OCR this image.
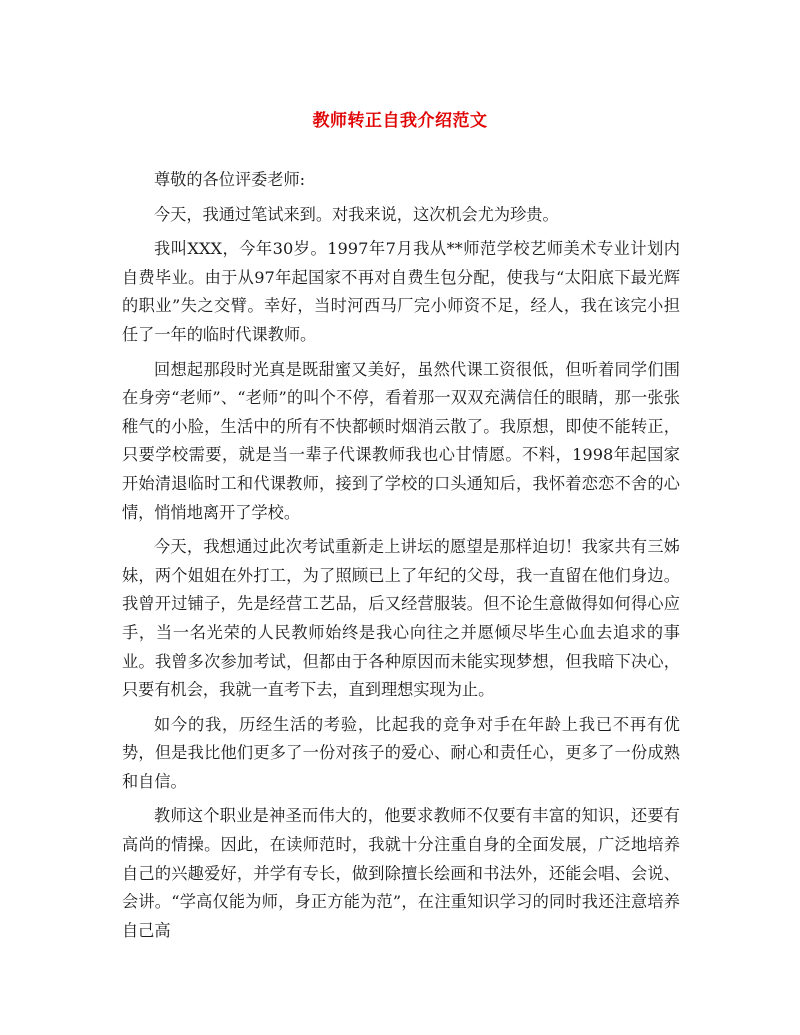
教师转正自我介绍范文

尊敬的各位评委老师:

今天，我通过笔试来到。对我来说，这次机会尤为珍贵。

我叫XXX，今年30岁。1997年7月我从**师范学校艺师美术专业计划内自费毕业。由于从97年起国家不再对自费生包分配，使我与“太阳底下最光辉的职业”失之交臂。幸好，当时河西马厂完小师资不足，经人，我在该完小担任了一年的临时代课教师。

回想起那段时光真是既甜蜜又美好，虽然代课工资很低，但听着同学们围在身旁“老师”、“老师”的叫个不停，看着那一双双充满信任的眼睛，那一张张稚气的小脸，生活中的所有不快都顿时烟消云散了。我原想，即使不能转正，只要学校需要，就是当一辈子代课教师我也心甘情愿。不料，1998年起国家开始清退临时工和代课教师，接到了学校的口头通知后，我怀着恋恋不舍的心情，悄悄地离开了学校。

今天，我想通过此次考试重新走上讲坛的愿望是那样迫切！我家共有三姊妹，两个姐姐在外打工，为了照顾已上了年纪的父母，我一直留在他们身边。我曾开过铺子，先是经营工艺品，后又经营服装。但不论生意做得如何得心应手，当一名光荣的人民教师始终是我心向往之并愿倾尽毕生心血去追求的事业。我曾多次参加考试，但都由于各种原因而未能实现梦想，但我暗下决心，只要有机会，我就一直考下去，直到理想实现为止。

如今的我，历经生活的考验，比起我的竞争对手在年龄上我已不再有优势，但是我比他们更多了一份对孩子的爱心、耐心和责任心，更多了一份成熟和自信。

教师这个职业是神圣而伟大的，他要求教师不仅要有丰富的知识，还要有高尚的情操。因此，在读师范时，我就十分注重自身的全面发展，广泛地培养自己的兴趣爱好，并学有专长，做到除擅长绘画和书法外，还能会唱、会说、会讲。“学高仅能为师，身正方能为范”，在注重知识学习的同时我还注意培养自己高
